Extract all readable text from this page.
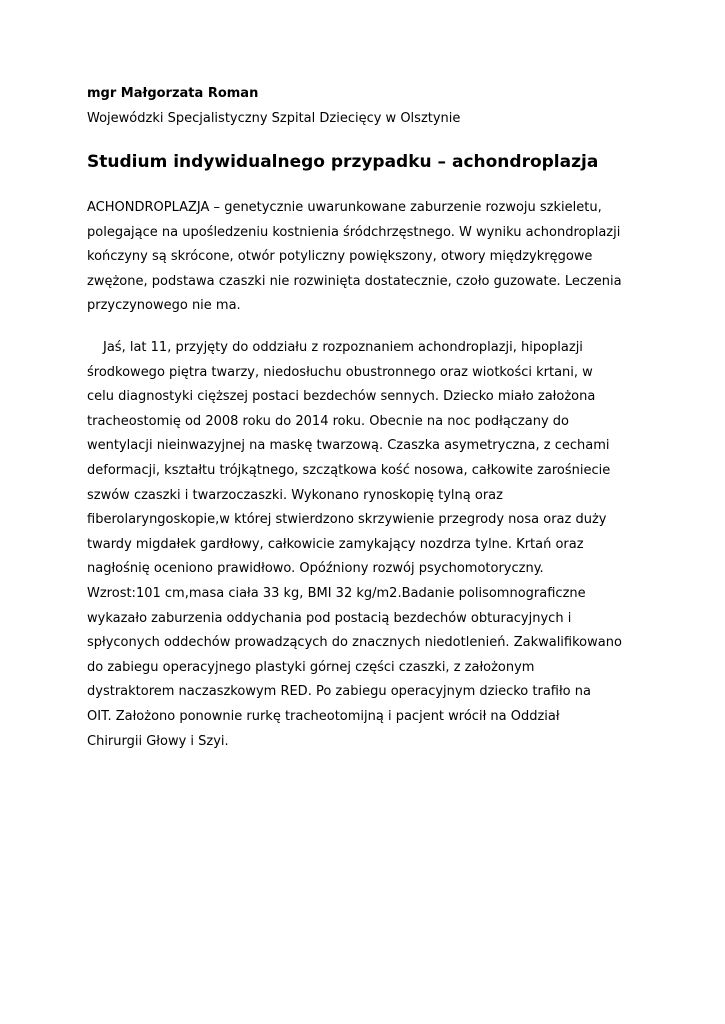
mgr Małgorzata Roman
Wojewódzki Specjalistyczny Szpital Dziecięcy w Olsztynie
Studium indywidualnego przypadku – achondroplazja
ACHONDROPLAZJA – genetycznie uwarunkowane zaburzenie rozwoju szkieletu,
polegające na upośledzeniu kostnienia śródchrzęstnego. W wyniku achondroplazji
kończyny są skrócone, otwór potyliczny powiększony, otwory międzykręgowe
zwężone, podstawa czaszki nie rozwinięta dostatecznie, czoło guzowate. Leczenia
przyczynowego nie ma.
Jaś, lat 11, przyjęty do oddziału z rozpoznaniem achondroplazji, hipoplazji
środkowego piętra twarzy, niedosłuchu obustronnego oraz wiotkości krtani, w
celu diagnostyki cięższej postaci bezdechów sennych. Dziecko miało założona
tracheostomię od 2008 roku do 2014 roku. Obecnie na noc podłączany do
wentylacji nieinwazyjnej na maskę twarzową. Czaszka asymetryczna, z cechami
deformacji, kształtu trójkątnego, szczątkowa kość nosowa, całkowite zarośniecie
szwów czaszki i twarzoczaszki. Wykonano rynoskopię tylną oraz
fiberolaryngoskopie,w której stwierdzono skrzywienie przegrody nosa oraz duży
twardy migdałek gardłowy, całkowicie zamykający nozdrza tylne. Krtań oraz
nagłośnię oceniono prawidłowo. Opóźniony rozwój psychomotoryczny.
Wzrost:101 cm,masa ciała 33 kg, BMI 32 kg/m2.Badanie polisomnograficzne
wykazało zaburzenia oddychania pod postacią bezdechów obturacyjnych i
spłyconych oddechów prowadzących do znacznych niedotlenień. Zakwalifikowano
do zabiegu operacyjnego plastyki górnej części czaszki, z założonym
dystraktorem naczaszkowym RED. Po zabiegu operacyjnym dziecko trafiło na
OIT. Założono ponownie rurkę tracheotomijną i pacjent wrócił na Oddział
Chirurgii Głowy i Szyi.
